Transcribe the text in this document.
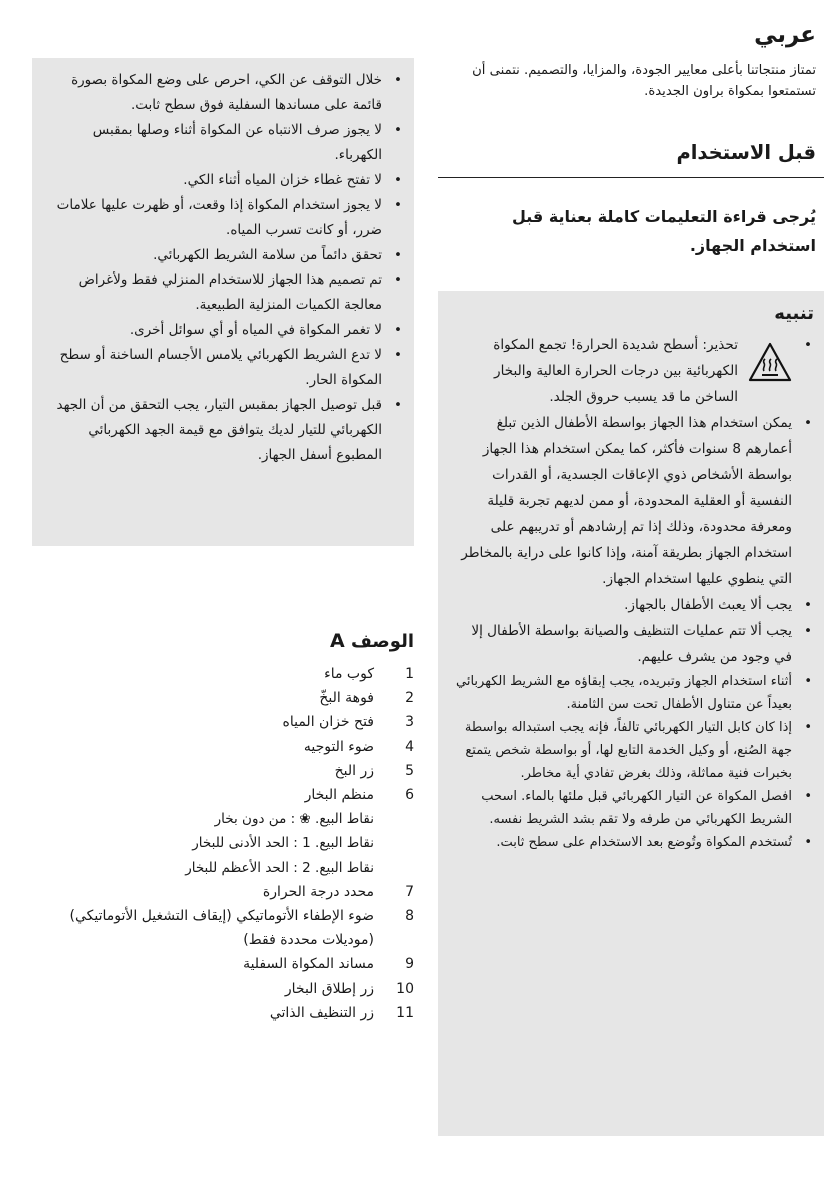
عربي

تمتاز منتجاتنا بأعلى معايير الجودة، والمزايا، والتصميم. نتمنى أن تستمتعوا بمكواة براون الجديدة.

قبل الاستخدام

يُرجى قراءة التعليمات كاملة بعناية قبل استخدام الجهاز.

تنبيه
• تحذير: أسطح شديدة الحرارة! تجمع المكواة الكهربائية بين درجات الحرارة العالية والبخار الساخن ما قد يسبب حروق الجلد.
• يمكن استخدام هذا الجهاز بواسطة الأطفال الذين تبلغ أعمارهم 8 سنوات فأكثر، كما يمكن استخدام هذا الجهاز بواسطة الأشخاص ذوي الإعاقات الجسدية، أو القدرات النفسية أو العقلية المحدودة، أو ممن لديهم تجربة قليلة ومعرفة محدودة، وذلك إذا تم إرشادهم أو تدريبهم على استخدام الجهاز بطريقة آمنة، وإذا كانوا على دراية بالمخاطر التي ينطوي عليها استخدام الجهاز.
• يجب ألا يعبث الأطفال بالجهاز.
• يجب ألا تتم عمليات التنظيف والصيانة بواسطة الأطفال إلا في وجود من يشرف عليهم.
• أثناء استخدام الجهاز وتبريده، يجب إبقاؤه مع الشريط الكهربائي بعيداً عن متناول الأطفال تحت سن الثامنة.
• إذا كان كابل التيار الكهربائي تالفاً، فإنه يجب استبداله بواسطة جهة الصُنع، أو وكيل الخدمة التابع لها، أو بواسطة شخص يتمتع بخبرات فنية مماثلة، وذلك بغرض تفادي أية مخاطر.
• افصل المكواة عن التيار الكهربائي قبل ملئها بالماء. اسحب الشريط الكهربائي من طرفه ولا تقم بشد الشريط نفسه.
• تُستخدم المكواة وتُوضع بعد الاستخدام على سطح ثابت.
• خلال التوقف عن الكي، احرص على وضع المكواة بصورة قائمة على مساندها السفلية فوق سطح ثابت.
• لا يجوز صرف الانتباه عن المكواة أثناء وصلها بمقبس الكهرباء.
• لا تفتح غطاء خزان المياه أثناء الكي.
• لا يجوز استخدام المكواة إذا وقعت، أو ظهرت عليها علامات ضرر، أو كانت تسرب المياه.
• تحقق دائماً من سلامة الشريط الكهربائي.
• تم تصميم هذا الجهاز للاستخدام المنزلي فقط ولأغراض معالجة الكميات المنزلية الطبيعية.
• لا تغمر المكواة في المياه أو أي سوائل أخرى.
• لا تدع الشريط الكهربائي يلامس الأجسام الساخنة أو سطح المكواة الحار.
• قبل توصيل الجهاز بمقبس التيار، يجب التحقق من أن الجهد الكهربائي للتيار لديك يتوافق مع قيمة الجهد الكهربائي المطبوع أسفل الجهاز.
الوصف A
1
كوب ماء
2
فوهة البخّ
3
فتح خزان المياه
4
ضوء التوجيه
5
زر البخ
6
منظم البخار
نقاط البيع. ❀ : من دون بخار
نقاط البيع. 1 : الحد الأدنى للبخار
نقاط البيع. 2 : الحد الأعظم للبخار
7
محدد درجة الحرارة
8
ضوء الإطفاء الأتوماتيكي (إيقاف التشغيل الأتوماتيكي) (موديلات محددة فقط)
9
مساند المكواة السفلية
10
زر إطلاق البخار
11
زر التنظيف الذاتي
